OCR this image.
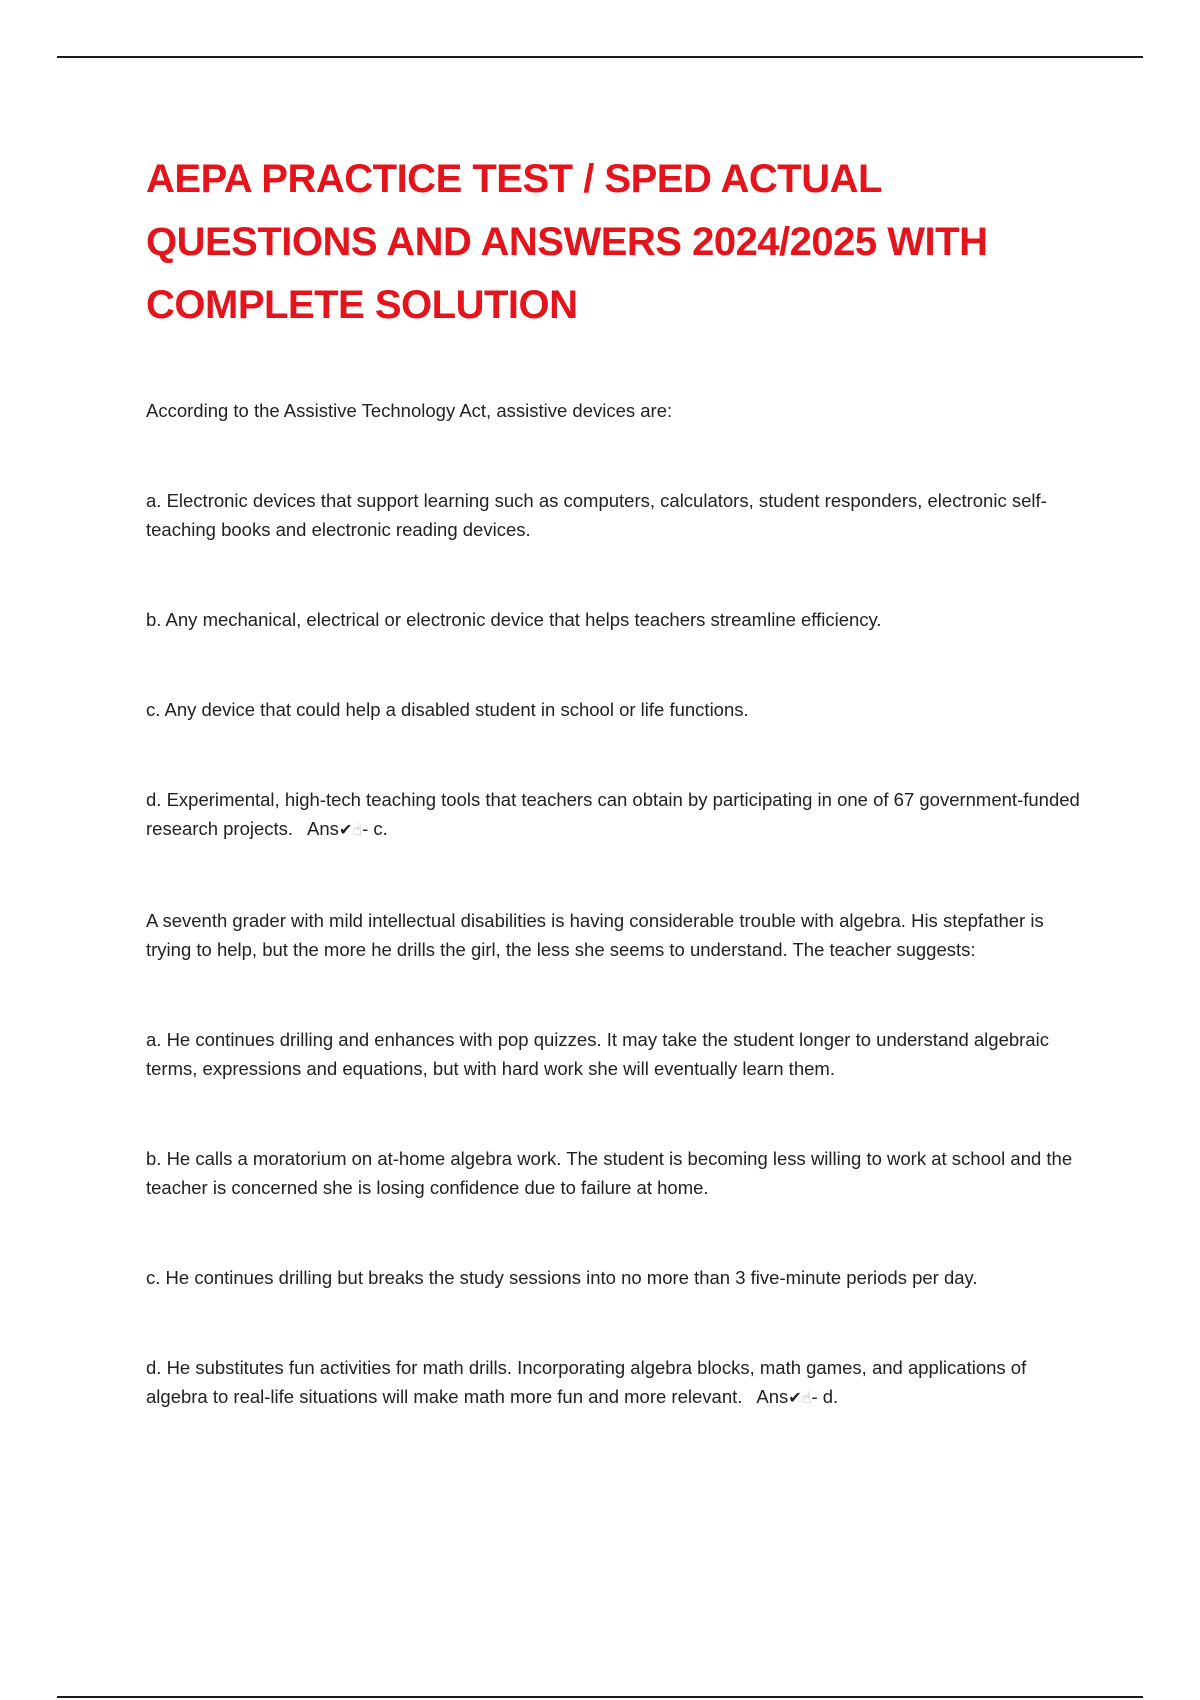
AEPA PRACTICE TEST / SPED ACTUAL QUESTIONS AND ANSWERS 2024/2025 WITH COMPLETE SOLUTION

According to the Assistive Technology Act, assistive devices are:

a. Electronic devices that support learning such as computers, calculators, student responders, electronic self-teaching books and electronic reading devices.

b. Any mechanical, electrical or electronic device that helps teachers streamline efficiency.

c. Any device that could help a disabled student in school or life functions.

d. Experimental, high-tech teaching tools that teachers can obtain by participating in one of 67 government-funded research projects. Ans✔☝- c.

A seventh grader with mild intellectual disabilities is having considerable trouble with algebra. His stepfather is trying to help, but the more he drills the girl, the less she seems to understand. The teacher suggests:

a. He continues drilling and enhances with pop quizzes. It may take the student longer to understand algebraic terms, expressions and equations, but with hard work she will eventually learn them.

b. He calls a moratorium on at-home algebra work. The student is becoming less willing to work at school and the teacher is concerned she is losing confidence due to failure at home.

c. He continues drilling but breaks the study sessions into no more than 3 five-minute periods per day.

d. He substitutes fun activities for math drills. Incorporating algebra blocks, math games, and applications of algebra to real-life situations will make math more fun and more relevant. Ans✔☝- d.
